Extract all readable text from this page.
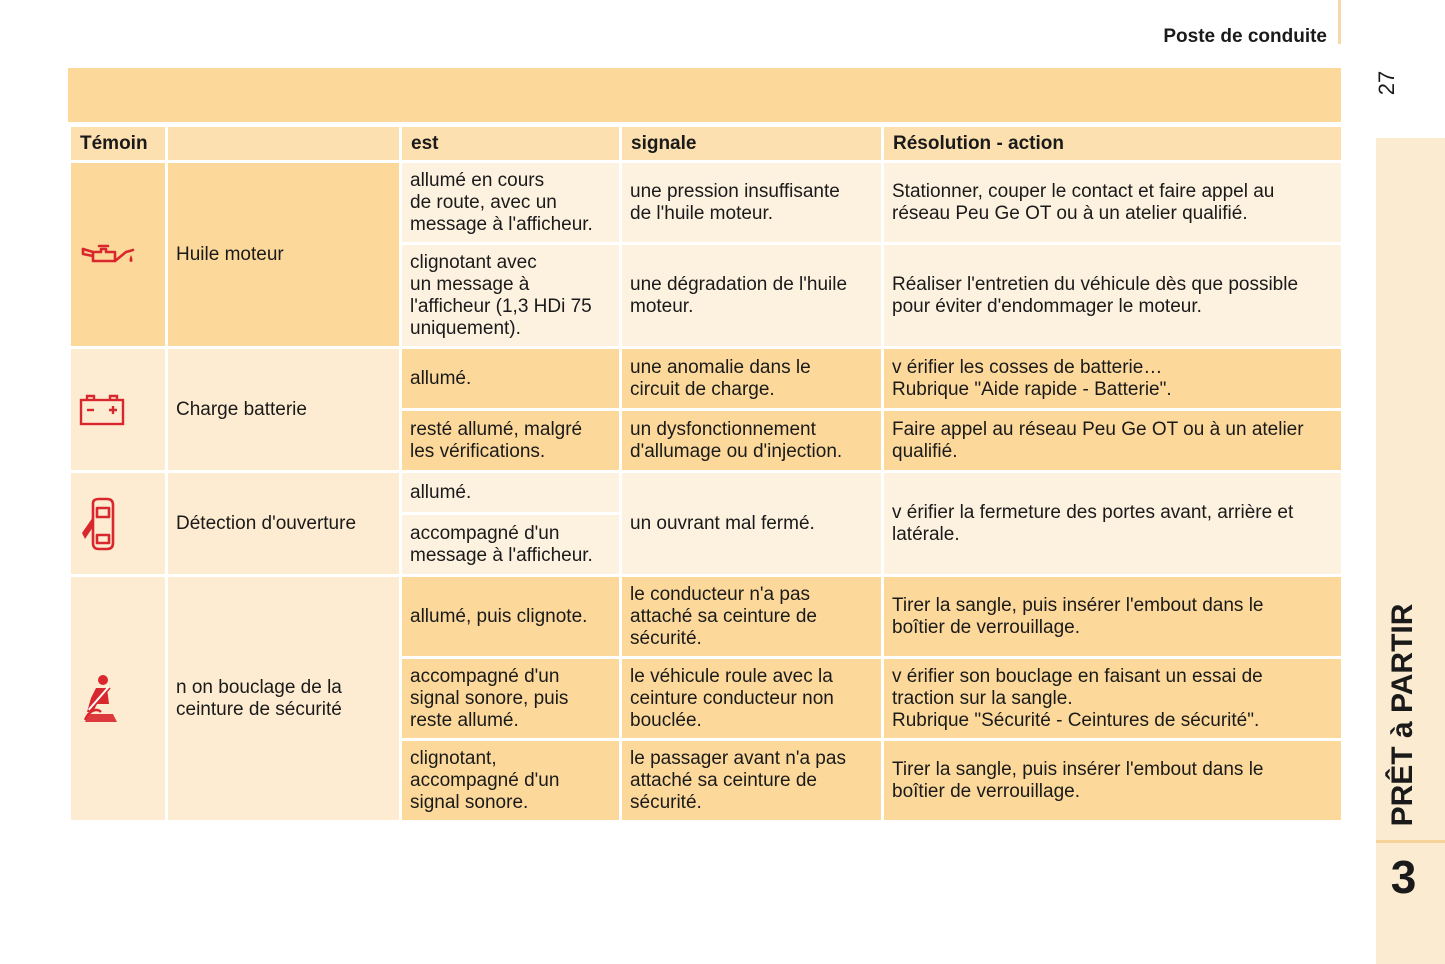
Poste de conduite
27
PRÊT à PARTIR
3
Témoin		est	signale	Résolution - action
	Huile moteur	allumé en cours
de route, avec un
message à l'afficheur.	une pression insuffisante
de l'huile moteur.	Stationner, couper le contact et faire appel au
réseau Peu Ge OT ou à un atelier qualifié.
		clignotant avec
un message à
l'afficheur (1,3 HDi 75
uniquement).	une dégradation de l'huile
moteur.	Réaliser l'entretien du véhicule dès que possible
pour éviter d'endommager le moteur.
	Charge batterie	allumé.	une anomalie dans le
circuit de charge.	v érifier les cosses de batterie…
Rubrique "Aide rapide - Batterie".
		resté allumé, malgré
les vérifications.	un dysfonctionnement
d'allumage ou d'injection.	Faire appel au réseau Peu Ge OT ou à un atelier
qualifié.
	Détection d'ouverture	allumé.	un ouvrant mal fermé.	v érifier la fermeture des portes avant, arrière et
latérale.
		accompagné d'un
message à l'afficheur.		
	n on bouclage de la
ceinture de sécurité	allumé, puis clignote.	le conducteur n'a pas
attaché sa ceinture de
sécurité.	Tirer la sangle, puis insérer l'embout dans le
boîtier de verrouillage.
		accompagné d'un
signal sonore, puis
reste allumé.	le véhicule roule avec la
ceinture conducteur non
bouclée.	v érifier son bouclage en faisant un essai de
traction sur la sangle.
Rubrique "Sécurité - Ceintures de sécurité".
		clignotant,
accompagné d'un
signal sonore.	le passager avant n'a pas
attaché sa ceinture de
sécurité.	Tirer la sangle, puis insérer l'embout dans le
boîtier de verrouillage.
